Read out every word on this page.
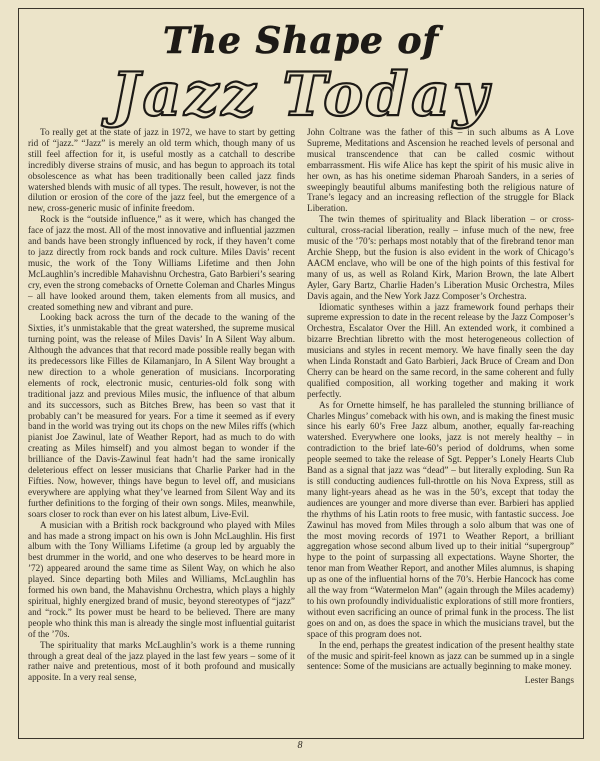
The Shape of
Jazz Today

To really get at the state of jazz in 1972, we have to start by getting rid of “jazz.” “Jazz” is merely an old term which, though many of us still feel affection for it, is useful mostly as a catchall to describe incredibly diverse strains of music, and has begun to approach its total obsolescence as what has been traditionally been called jazz finds watershed blends with music of all types. The result, however, is not the dilution or erosion of the core of the jazz feel, but the emergence of a new, cross-generic music of infinite freedom.

Rock is the “outside influence,” as it were, which has changed the face of jazz the most. All of the most innovative and influential jazzmen and bands have been strongly influenced by rock, if they haven’t come to jazz directly from rock bands and rock culture. Miles Davis’ recent music, the work of the Tony Williams Lifetime and then John McLaughlin’s incredible Mahavishnu Orchestra, Gato Barbieri’s searing cry, even the strong comebacks of Ornette Coleman and Charles Mingus – all have looked around them, taken elements from all musics, and created something new and vibrant and pure.

Looking back across the turn of the decade to the waning of the Sixties, it’s unmistakable that the great watershed, the supreme musical turning point, was the release of Miles Davis’ In A Silent Way album. Although the advances that that record made possible really began with its predecessors like Filles de Kilamanjaro, In A Silent Way brought a new direction to a whole generation of musicians. Incorporating elements of rock, electronic music, centuries-old folk song with traditional jazz and previous Miles music, the influence of that album and its successors, such as Bitches Brew, has been so vast that it probably can’t be measured for years. For a time it seemed as if every band in the world was trying out its chops on the new Miles riffs (which pianist Joe Zawinul, late of Weather Report, had as much to do with creating as Miles himself) and you almost began to wonder if the brilliance of the Davis-Zawinul feat hadn’t had the same ironically deleterious effect on lesser musicians that Charlie Parker had in the Fifties. Now, however, things have begun to level off, and musicians everywhere are applying what they’ve learned from Silent Way and its further definitions to the forging of their own songs. Miles, meanwhile, soars closer to rock than ever on his latest album, Live-Evil.

A musician with a British rock background who played with Miles and has made a strong impact on his own is John McLaughlin. His first album with the Tony Williams Lifetime (a group led by arguably the best drummer in the world, and one who deserves to be heard more in ’72) appeared around the same time as Silent Way, on which he also played. Since departing both Miles and Williams, McLaughlin has formed his own band, the Mahavishnu Orchestra, which plays a highly spiritual, highly energized brand of music, beyond stereotypes of “jazz” and “rock.” Its power must be heard to be believed. There are many people who think this man is already the single most influential guitarist of the ’70s.

The spirituality that marks McLaughlin’s work is a theme running through a great deal of the jazz played in the last few years – some of it rather naive and pretentious, most of it both profound and musically apposite. In a very real sense,

John Coltrane was the father of this – in such albums as A Love Supreme, Meditations and Ascension he reached levels of personal and musical transcendence that can be called cosmic without embarrassment. His wife Alice has kept the spirit of his music alive in her own, as has his onetime sideman Pharoah Sanders, in a series of sweepingly beautiful albums manifesting both the religious nature of Trane’s legacy and an increasing reflection of the struggle for Black Liberation.

The twin themes of spirituality and Black liberation – or cross-cultural, cross-racial liberation, really – infuse much of the new, free music of the ’70’s: perhaps most notably that of the firebrand tenor man Archie Shepp, but the fusion is also evident in the work of Chicago’s AACM enclave, who will be one of the high points of this festival for many of us, as well as Roland Kirk, Marion Brown, the late Albert Ayler, Gary Bartz, Charlie Haden’s Liberation Music Orchestra, Miles Davis again, and the New York Jazz Composer’s Orchestra.

Idiomatic syntheses within a jazz framework found perhaps their supreme expression to date in the recent release by the Jazz Composer’s Orchestra, Escalator Over the Hill. An extended work, it combined a bizarre Brechtian libretto with the most heterogeneous collection of musicians and styles in recent memory. We have finally seen the day when Linda Ronstadt and Gato Barbieri, Jack Bruce of Cream and Don Cherry can be heard on the same record, in the same coherent and fully qualified composition, all working together and making it work perfectly.

As for Ornette himself, he has paralleled the stunning brilliance of Charles Mingus’ comeback with his own, and is making the finest music since his early 60’s Free Jazz album, another, equally far-reaching watershed. Everywhere one looks, jazz is not merely healthy – in contradiction to the brief late-60’s period of doldrums, when some people seemed to take the release of Sgt. Pepper’s Lonely Hearts Club Band as a signal that jazz was “dead” – but literally exploding. Sun Ra is still conducting audiences full-throttle on his Nova Express, still as many light-years ahead as he was in the 50’s, except that today the audiences are younger and more diverse than ever. Barbieri has applied the rhythms of his Latin roots to free music, with fantastic success. Joe Zawinul has moved from Miles through a solo album that was one of the most moving records of 1971 to Weather Report, a brilliant aggregation whose second album lived up to their initial “supergroup” hype to the point of surpassing all expectations. Wayne Shorter, the tenor man from Weather Report, and another Miles alumnus, is shaping up as one of the influential horns of the 70’s. Herbie Hancock has come all the way from “Watermelon Man” (again through the Miles academy) to his own profoundly individualistic explorations of still more frontiers, without even sacrificing an ounce of primal funk in the process. The list goes on and on, as does the space in which the musicians travel, but the space of this program does not.

In the end, perhaps the greatest indication of the present healthy state of the music and spirit-feel known as jazz can be summed up in a single sentence: Some of the musicians are actually beginning to make money.

Lester Bangs
8
